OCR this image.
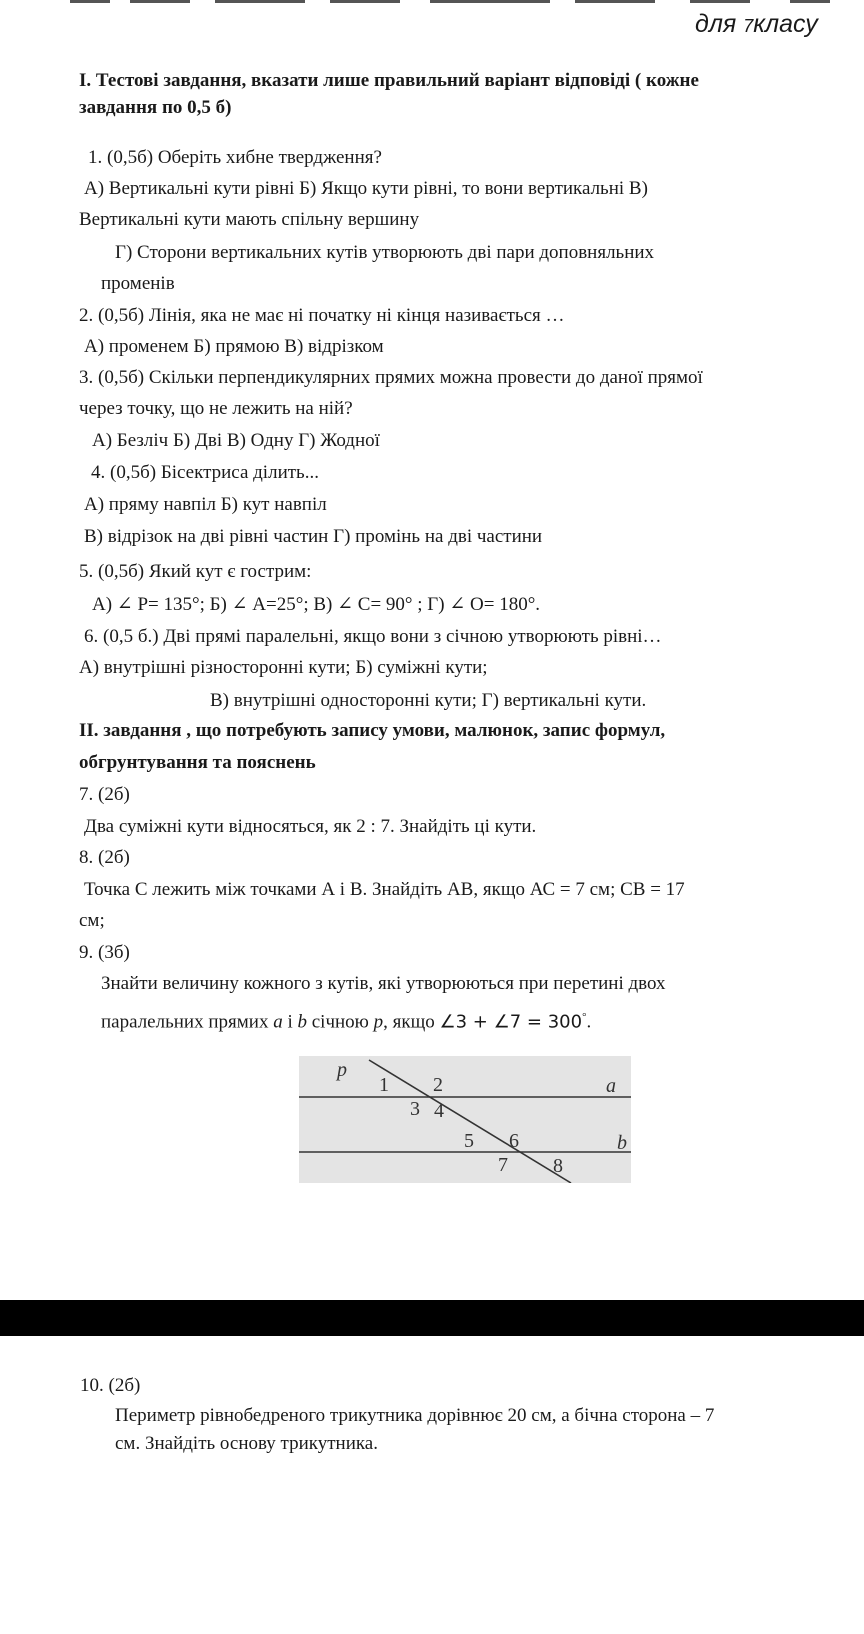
для 7класу
I. Тестові завдання, вказати лише правильний варіант відповіді ( кожне
завдання по 0,5 б)
1. (0,5б) Оберіть хибне твердження?
А) Вертикальні кути рівні Б) Якщо кути рівні, то вони вертикальні В)
Вертикальні кути мають спільну вершину
Г) Сторони вертикальних кутів утворюють дві пари доповняльних
променів
2. (0,5б) Лінія, яка не має ні початку ні кінця називається …
А) променем Б) прямою В) відрізком
3. (0,5б) Скільки перпендикулярних прямих можна провести до даної прямої
через точку, що не лежить на ній?
А) Безліч Б) Дві В) Одну Г) Жодної
4. (0,5б) Бісектриса ділить...
А) пряму навпіл Б) кут навпіл
В) відрізок на дві рівні частин Г) промінь на дві частини
5. (0,5б) Який кут є гострим:
А) ∠ P= 135°; Б) ∠ A=25°; В) ∠ C= 90° ; Г) ∠ O= 180°.
6. (0,5 б.) Дві прямі паралельні, якщо вони з січною утворюють рівні…
А) внутрішні різносторонні кути; Б) суміжні кути;
В) внутрішні односторонні кути; Г) вертикальні кути.
II. завдання , що потребують запису умови, малюнок, запис формул,
обгрунтування та пояснень
7. (2б)
Два суміжні кути відносяться, як 2 : 7. Знайдіть ці кути.
8. (2б)
Точка С лежить між точками А і В. Знайдіть АВ, якщо АС = 7 см; СВ = 17
см;
9. (3б)
Знайти величину кожного з кутів, які утворюються при перетині двох
паралельних прямих a і b січною p, якщо ∠3 + ∠7 = 300°.
p
a
b
1 2
3 4
5 6
7 8
10. (2б)
Периметр рівнобедреного трикутника дорівнює 20 см, а бічна сторона – 7
см. Знайдіть основу трикутника.
